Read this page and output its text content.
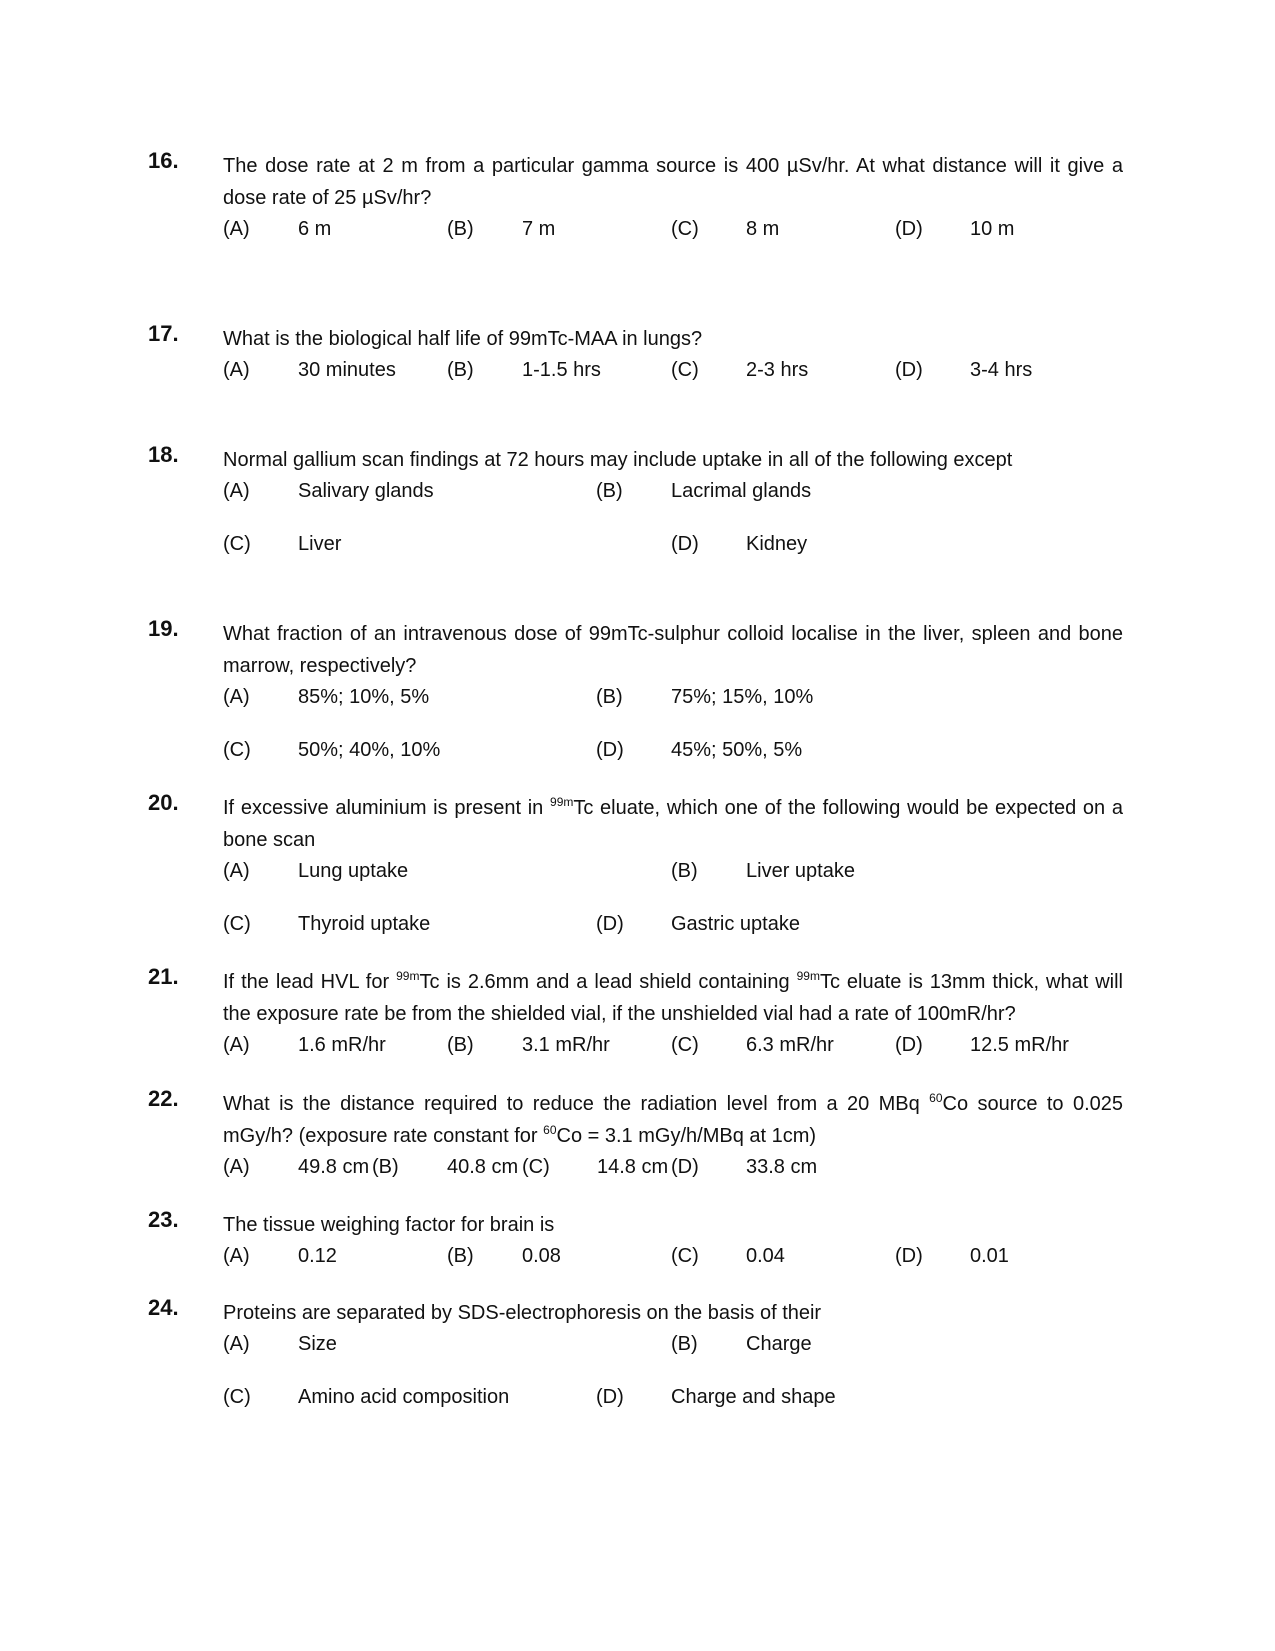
16. The dose rate at 2 m from a particular gamma source is 400 µSv/hr. At what distance will it give a dose rate of 25 µSv/hr?
(A) 6 m	(B) 7 m	(C) 8 m	(D) 10 m
17. What is the biological half life of 99mTc-MAA in lungs?
(A) 30 minutes	(B) 1-1.5 hrs	(C) 2-3 hrs	(D) 3-4 hrs
18. Normal gallium scan findings at 72 hours may include uptake in all of the following except
(A) Salivary glands	(B) Lacrimal glands
(C) Liver	(D) Kidney
19. What fraction of an intravenous dose of 99mTc-sulphur colloid localise in the liver, spleen and bone marrow, respectively?
(A) 85%; 10%, 5%	(B) 75%; 15%, 10%
(C) 50%; 40%, 10%	(D) 45%; 50%, 5%
20. If excessive aluminium is present in $^{99m}$Tc eluate, which one of the following would be expected on a bone scan
(A) Lung uptake	(B) Liver uptake
(C) Thyroid uptake	(D) Gastric uptake
21. If the lead HVL for $^{99m}$Tc is 2.6mm and a lead shield containing $^{99m}$Tc eluate is 13mm thick, what will the exposure rate be from the shielded vial, if the unshielded vial had a rate of 100mR/hr?
(A) 1.6 mR/hr	(B) 3.1 mR/hr	(C) 6.3 mR/hr	(D) 12.5 mR/hr
22. What is the distance required to reduce the radiation level from a 20 MBq $^{60}$Co source to 0.025 mGy/h? (exposure rate constant for $^{60}$Co = 3.1 mGy/h/MBq at 1cm)
(A) 49.8 cm (B) 40.8 cm (C) 14.8 cm (D) 33.8 cm
23. The tissue weighing factor for brain is
(A) 0.12	(B) 0.08	(C) 0.04	(D) 0.01
24. Proteins are separated by SDS-electrophoresis on the basis of their
(A) Size	(B) Charge
(C) Amino acid composition	(D) Charge and shape
